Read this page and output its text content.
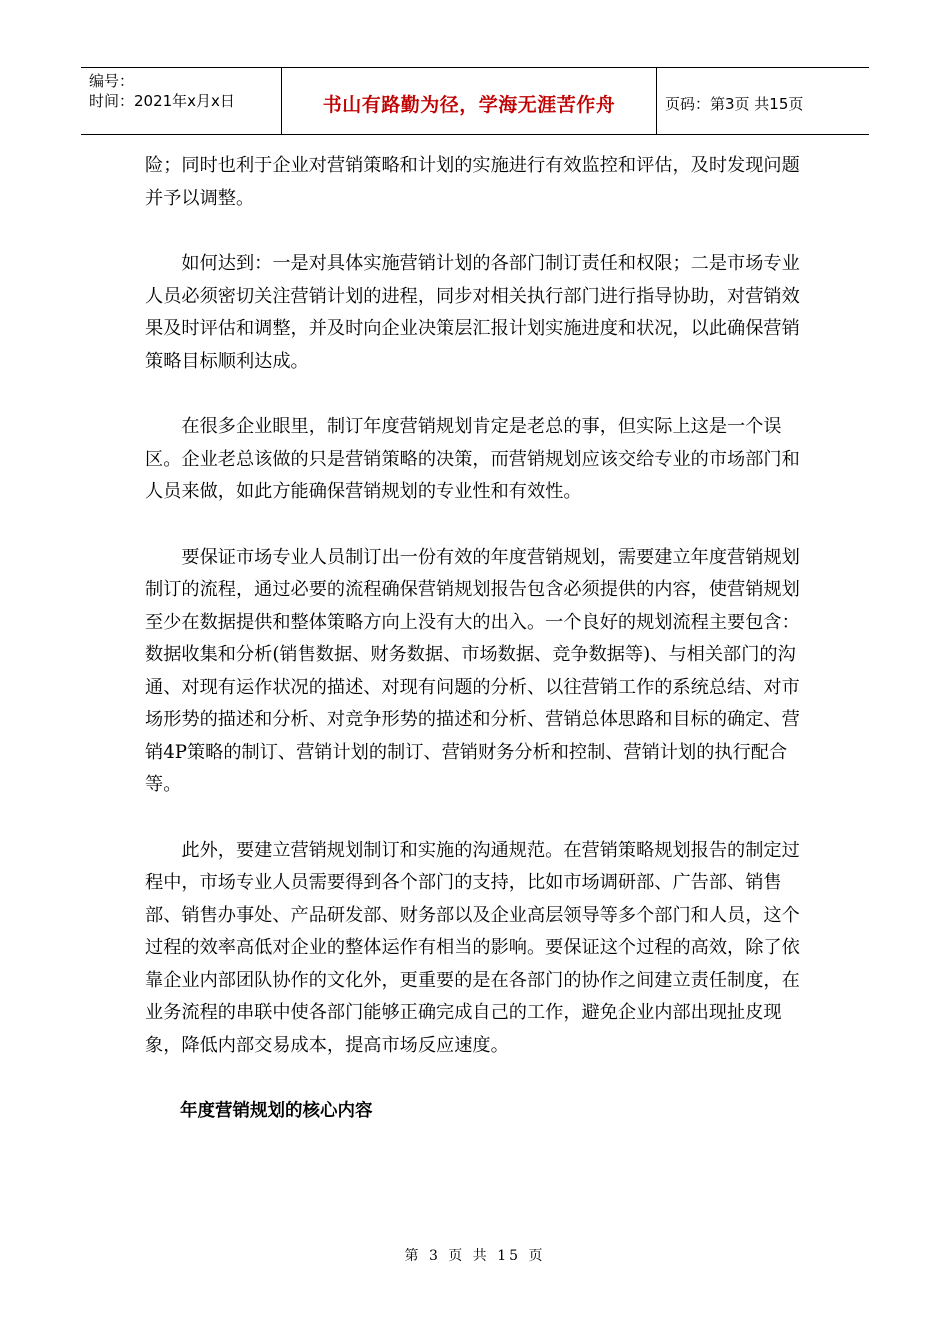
编号：
时间：2021年x月x日	书山有路勤为径，学海无涯苦作舟	页码：第3页 共15页

险；同时也利于企业对营销策略和计划的实施进行有效监控和评估，及时发现问题并予以调整。

如何达到：一是对具体实施营销计划的各部门制订责任和权限；二是市场专业人员必须密切关注营销计划的进程，同步对相关执行部门进行指导协助，对营销效果及时评估和调整，并及时向企业决策层汇报计划实施进度和状况，以此确保营销策略目标顺利达成。

在很多企业眼里，制订年度营销规划肯定是老总的事，但实际上这是一个误区。企业老总该做的只是营销策略的决策，而营销规划应该交给专业的市场部门和人员来做，如此方能确保营销规划的专业性和有效性。

要保证市场专业人员制订出一份有效的年度营销规划，需要建立年度营销规划制订的流程，通过必要的流程确保营销规划报告包含必须提供的内容，使营销规划至少在数据提供和整体策略方向上没有大的出入。一个良好的规划流程主要包含：数据收集和分析(销售数据、财务数据、市场数据、竞争数据等)、与相关部门的沟通、对现有运作状况的描述、对现有问题的分析、以往营销工作的系统总结、对市场形势的描述和分析、对竞争形势的描述和分析、营销总体思路和目标的确定、营销4P策略的制订、营销计划的制订、营销财务分析和控制、营销计划的执行配合等。

此外，要建立营销规划制订和实施的沟通规范。在营销策略规划报告的制定过程中，市场专业人员需要得到各个部门的支持，比如市场调研部、广告部、销售部、销售办事处、产品研发部、财务部以及企业高层领导等多个部门和人员，这个过程的效率高低对企业的整体运作有相当的影响。要保证这个过程的高效，除了依靠企业内部团队协作的文化外，更重要的是在各部门的协作之间建立责任制度，在业务流程的串联中使各部门能够正确完成自己的工作，避免企业内部出现扯皮现象，降低内部交易成本，提高市场反应速度。

年度营销规划的核心内容

第 3 页 共 15 页
